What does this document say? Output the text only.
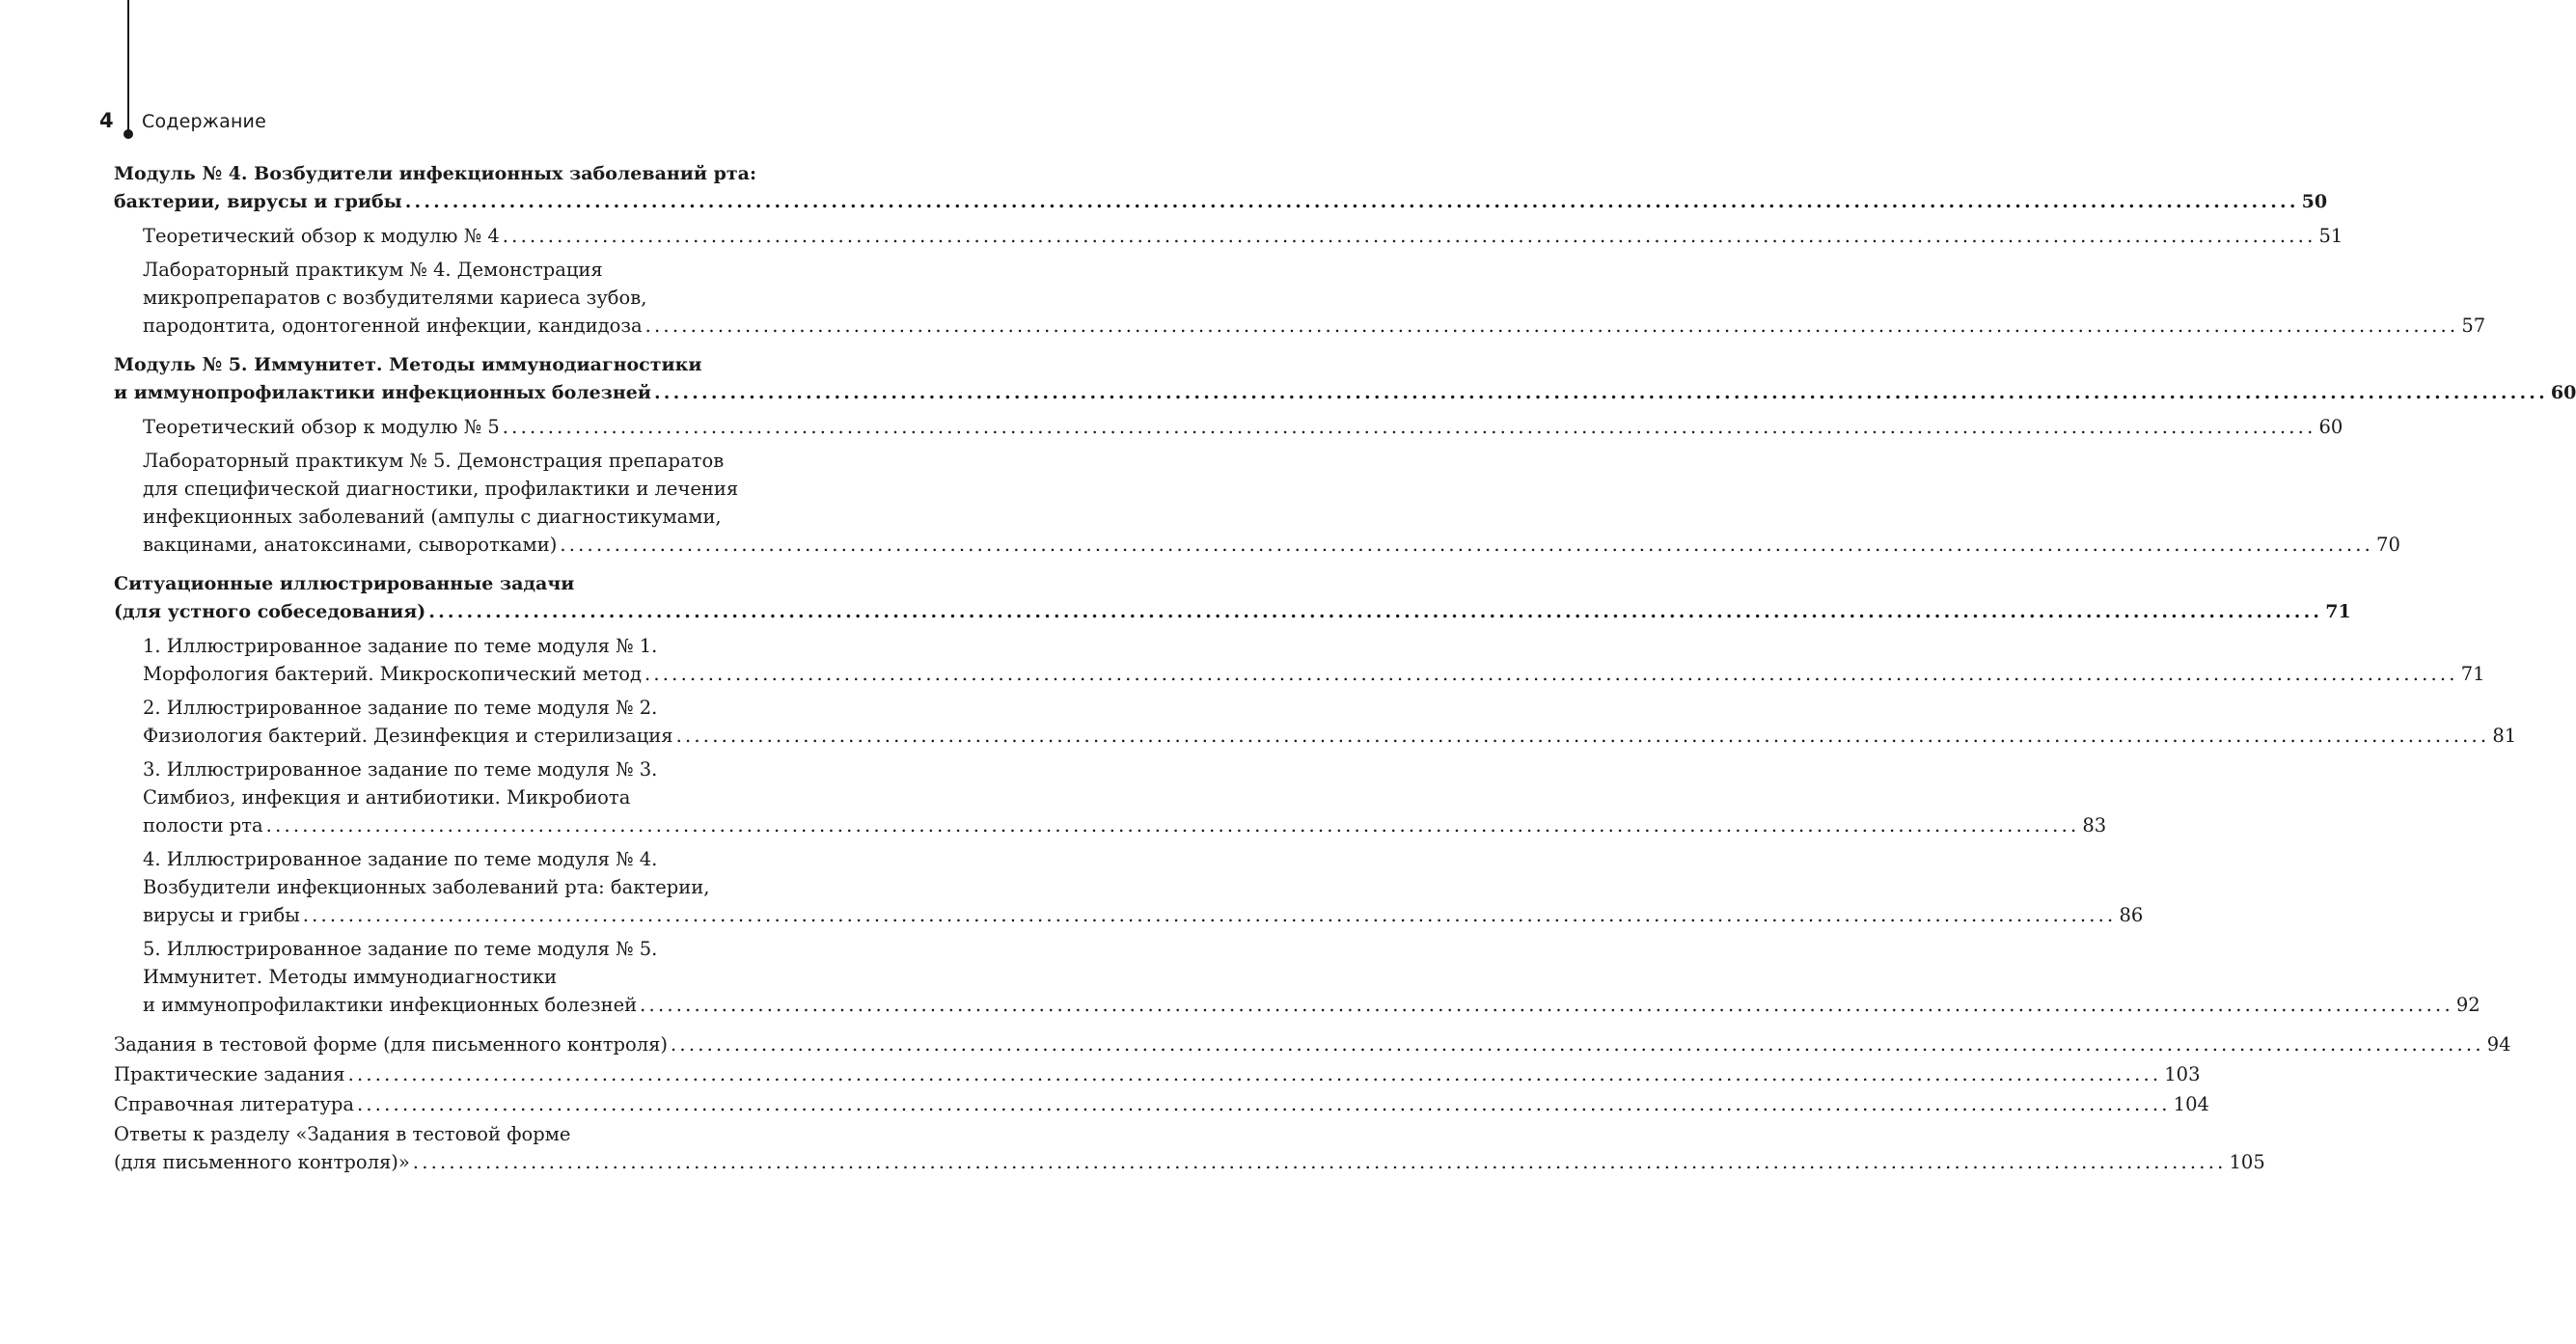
4 Содержание
Модуль № 4. Возбудители инфекционных заболеваний рта:
бактерии, вирусы и грибы ........................................................................................................................................................................................................ 50
Теоретический обзор к модулю № 4 ........................................................................................................................................................................................................ 51
Лабораторный практикум № 4. Демонстрация
микропрепаратов с возбудителями кариеса зубов,
пародонтита, одонтогенной инфекции, кандидоза ........................................................................................................................................................................................................ 57
Модуль № 5. Иммунитет. Методы иммунодиагностики
и иммунопрофилактики инфекционных болезней ........................................................................................................................................................................................................ 60
Теоретический обзор к модулю № 5 ........................................................................................................................................................................................................ 60
Лабораторный практикум № 5. Демонстрация препаратов
для специфической диагностики, профилактики и лечения
инфекционных заболеваний (ампулы с диагностикумами,
вакцинами, анатоксинами, сыворотками) ........................................................................................................................................................................................................ 70
Ситуационные иллюстрированные задачи
(для устного собеседования) ........................................................................................................................................................................................................ 71
1. Иллюстрированное задание по теме модуля № 1.
Морфология бактерий. Микроскопический метод ........................................................................................................................................................................................................ 71
2. Иллюстрированное задание по теме модуля № 2.
Физиология бактерий. Дезинфекция и стерилизация ........................................................................................................................................................................................................ 81
3. Иллюстрированное задание по теме модуля № 3.
Симбиоз, инфекция и антибиотики. Микробиота
полости рта ........................................................................................................................................................................................................ 83
4. Иллюстрированное задание по теме модуля № 4.
Возбудители инфекционных заболеваний рта: бактерии,
вирусы и грибы ........................................................................................................................................................................................................ 86
5. Иллюстрированное задание по теме модуля № 5.
Иммунитет. Методы иммунодиагностики
и иммунопрофилактики инфекционных болезней ........................................................................................................................................................................................................ 92
Задания в тестовой форме (для письменного контроля) ........................................................................................................................................................................................................ 94
Практические задания ........................................................................................................................................................................................................ 103
Справочная литература ........................................................................................................................................................................................................ 104
Ответы к разделу «Задания в тестовой форме
(для письменного контроля)» ........................................................................................................................................................................................................ 105
